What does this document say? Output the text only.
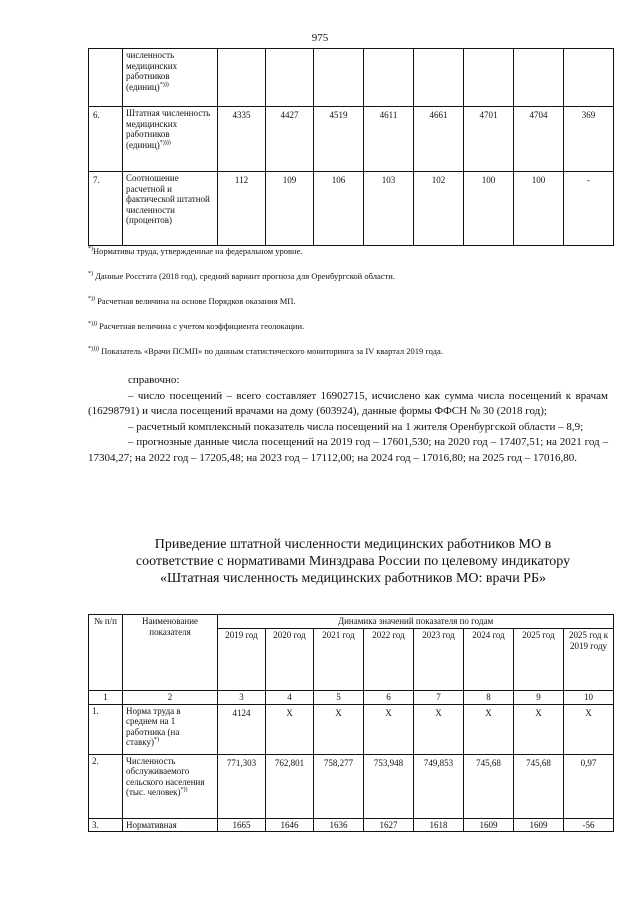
975
	численность медицинских работников (единиц)*)))								
6.	Штатная численность медицинских работников (единиц)*))))	4335	4427	4519	4611	4661	4701	4704	369
7.	Соотношение расчетной и фактической штатной численности (процентов)	112	109	106	103	102	100	100	-
*)Нормативы труда, утвержденные на федеральном уровне.
*) Данные Росстата (2018 год), средний вариант прогноза для Оренбургской области.
*)) Расчетная величина на основе Порядков оказания МП.
*))) Расчетная величина с учетом коэффициента геолокации.
*)))) Показатель «Врачи ПСМП» по данным статистического мониторинга за IV квартал 2019 года.

справочно:

– число посещений – всего составляет 16902715, исчислено как сумма числа посещений к врачам (16298791) и числа посещений врачами на дому (603924), данные формы ФФСН № 30 (2018 год);

– расчетный комплексный показатель числа посещений на 1 жителя Оренбургской области – 8,9;

– прогнозные данные числа посещений на 2019 год – 17601,530; на 2020 год – 17407,51; на 2021 год – 17304,27; на 2022 год – 17205,48; на 2023 год – 17112,00; на 2024 год – 17016,80; на 2025 год – 17016,80.

Приведение штатной численности медицинских работников МО в
соответствие с нормативами Минздрава России по целевому индикатору
«Штатная численность медицинских работников МО: врачи РБ»
№ п/п	Наименование показателя	Динамика значений показателя по годам							
		2019 год	2020 год	2021 год	2022 год	2023 год	2024 год	2025 год	2025 год к 2019 году
1	2	3	4	5	6	7	8	9	10
1.	Норма труда в среднем на 1 работника (на ставку)*)	4124	X	X	X	X	X	X	X
2.	Численность обслуживаемого сельского населения (тыс. человек)*))	771,303	762,801	758,277	753,948	749,853	745,68	745,68	0,97
3.	Нормативная	1665	1646	1636	1627	1618	1609	1609	-56
